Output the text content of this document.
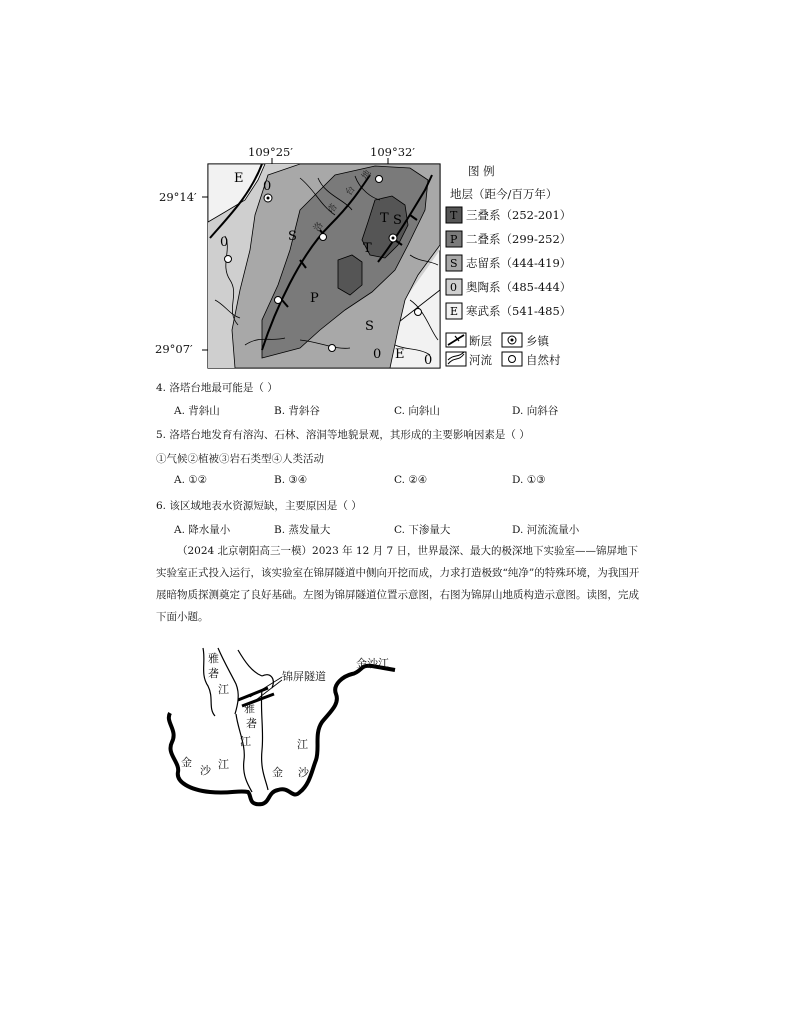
109°25′	109°32′
29°14′
29°07′
E
0
0	S
P
T
T
S
S
0 E 0
洛
塔
台
地
T
P
S
0
E
图 例
地层（距今/百万年）
三叠系（252-201）
二叠系（299-252）
志留系（444-419）
奥陶系（485-444）
寒武系（541-485）
断层
河流
乡镇
自然村
4. 洛塔台地最可能是（ ）
A. 背斜山	B. 背斜谷	C. 向斜山	D. 向斜谷
5. 洛塔台地发育有溶沟、石林、溶洞等地貌景观，其形成的主要影响因素是（ ）
①气候②植被③岩石类型④人类活动
A. ①②	B. ③④	C. ②④	D. ①③
6. 该区域地表水资源短缺，主要原因是（ ）
A. 降水量小	B. 蒸发量大	C. 下渗量大	D. 河流流量小
（2024 北京朝阳高三一模）2023 年 12 月 7 日，世界最深、最大的极深地下实验室——锦屏地下实验室正式投入运行，该实验室在锦屏隧道中侧向开挖而成，力求打造极致“纯净”的特殊环境，为我国开展暗物质探测奠定了良好基础。左图为锦屏隧道位置示意图，右图为锦屏山地质构造示意图。读图，完成下面小题。
锦屏隧道
雅
砻
江
雅
砻
江
金
沙 江
金 沙
江
金沙江
